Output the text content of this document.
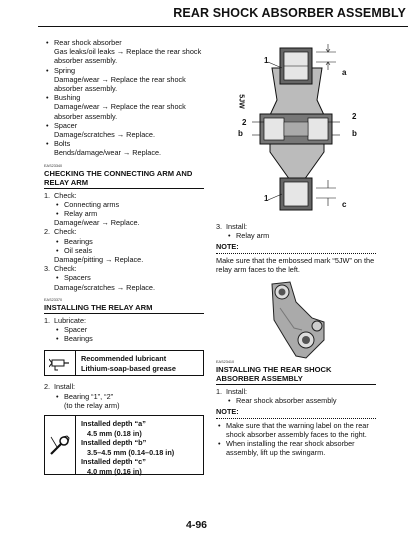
REAR SHOCK ABSORBER ASSEMBLY
• Rear shock absorber
Gas leaks/oil leaks → Replace the rear shock absorber assembly.
• Spring
Damage/wear → Replace the rear shock absorber assembly.
• Bushing
Damage/wear → Replace the rear shock absorber assembly.
• Spacer
Damage/scratches → Replace.
• Bolts
Bends/damage/wear → Replace.
EAS23340
CHECKING THE CONNECTING ARM AND RELAY ARM
1. Check:
• Connecting arms
• Relay arm
Damage/wear → Replace.
2. Check:
• Bearings
• Oil seals
Damage/pitting → Replace.
3. Check:
• Spacers
Damage/scratches → Replace.
EAS23370
INSTALLING THE RELAY ARM
1. Lubricate:
• Spacer
• Bearings
Recommended lubricant
Lithium-soap-based grease
2. Install:
• Bearing “1”, “2”
(to the relay arm)
Installed depth “a”
4.5 mm (0.18 in)
Installed depth “b”
3.5–4.5 mm (0.14–0.18 in)
Installed depth “c”
4.0 mm (0.16 in)
1
a
2
2
b	b
1
c
5JW
3. Install:
• Relay arm
NOTE:
Make sure that the embossed mark “5JW” on the relay arm faces to the left.
EAS23410
INSTALLING THE REAR SHOCK ABSORBER ASSEMBLY
1. Install:
• Rear shock absorber assembly
NOTE:
• Make sure that the warning label on the rear shock absorber assembly faces to the right.
• When installing the rear shock absorber assembly, lift up the swingarm.
4-96
